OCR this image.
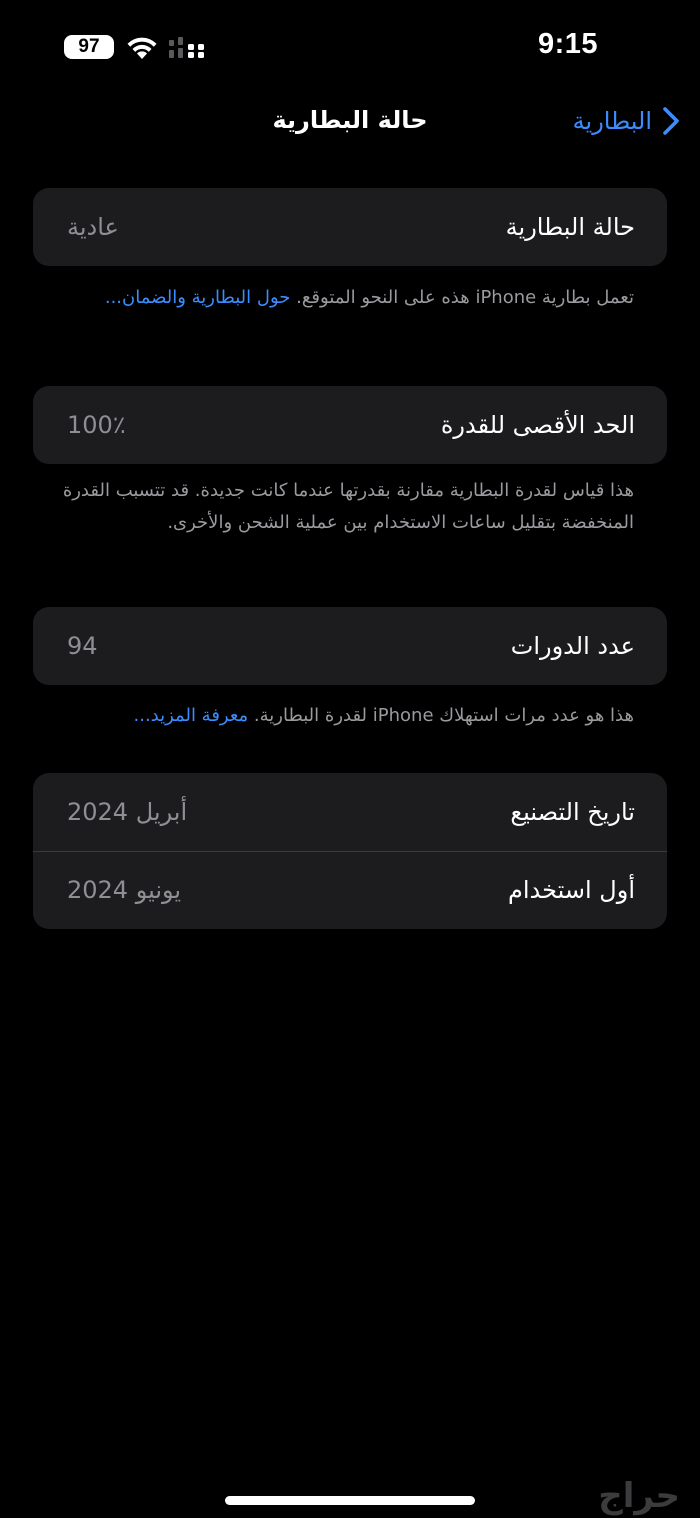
97	9:15
حالة البطارية	البطارية
حالة البطارية
عادية
تعمل بطارية iPhone هذه على النحو المتوقع. حول البطارية والضمان...
الحد الأقصى للقدرة
100٪
هذا قياس لقدرة البطارية مقارنة بقدرتها عندما كانت جديدة. قد تتسبب القدرة المنخفضة بتقليل ساعات الاستخدام بين عملية الشحن والأخرى.
عدد الدورات
94
هذا هو عدد مرات استهلاك iPhone لقدرة البطارية. معرفة المزيد...
تاريخ التصنيع
أبريل 2024
أول استخدام
يونيو 2024
حراج
